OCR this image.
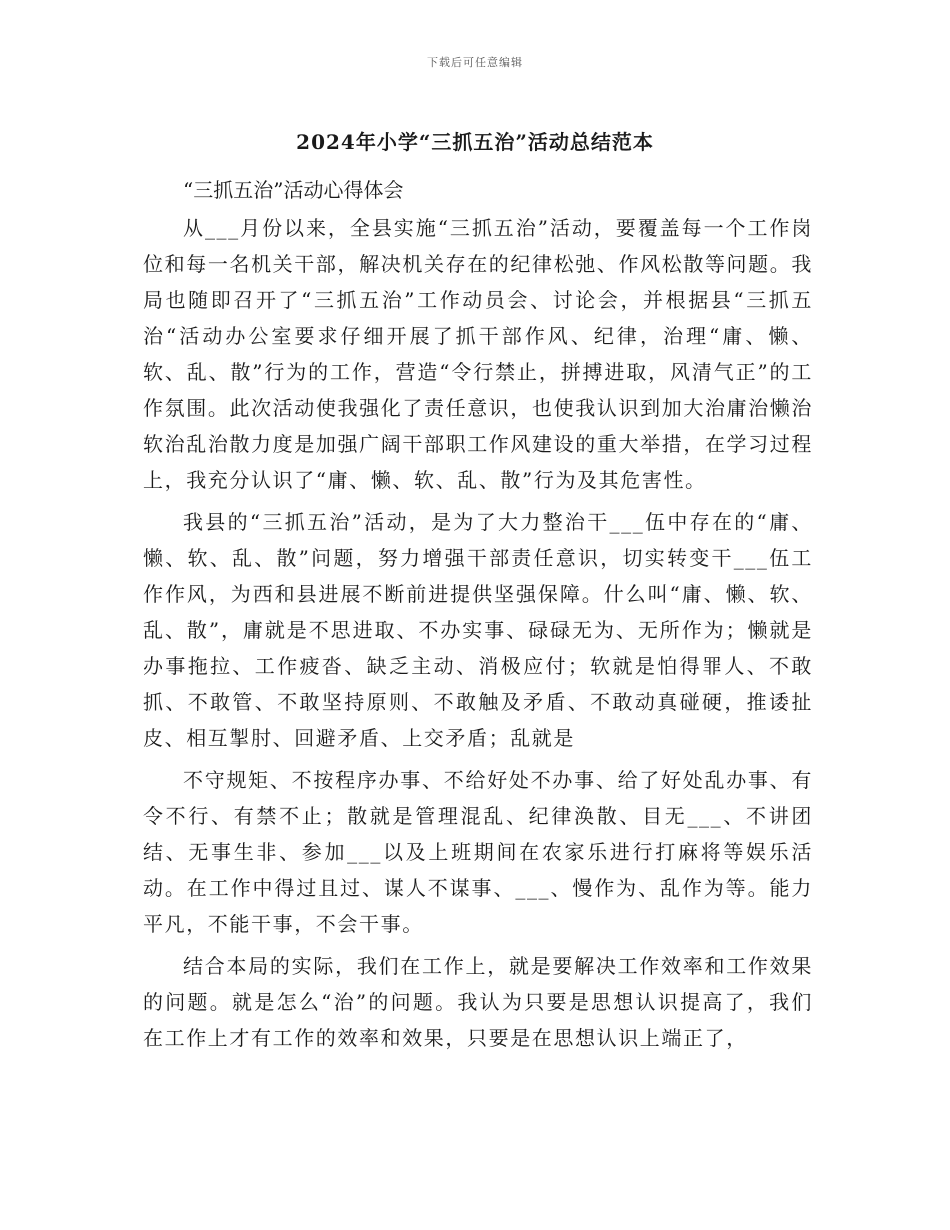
下载后可任意编辑
2024年小学“三抓五治”活动总结范本
“三抓五治”活动心得体会

从___月份以来，全县实施“三抓五治”活动，要覆盖每一个工作岗位和每一名机关干部，解决机关存在的纪律松弛、作风松散等问题。我局也随即召开了“三抓五治”工作动员会、讨论会，并根据县“三抓五治“活动办公室要求仔细开展了抓干部作风、纪律，治理“庸、懒、软、乱、散”行为的工作，营造“令行禁止，拼搏进取，风清气正”的工作氛围。此次活动使我强化了责任意识，也使我认识到加大治庸治懒治软治乱治散力度是加强广阔干部职工作风建设的重大举措，在学习过程上，我充分认识了“庸、懒、软、乱、散”行为及其危害性。

我县的“三抓五治”活动，是为了大力整治干___伍中存在的“庸、懒、软、乱、散”问题，努力增强干部责任意识，切实转变干___伍工作作风，为西和县进展不断前进提供坚强保障。什么叫“庸、懒、软、乱、散”，庸就是不思进取、不办实事、碌碌无为、无所作为；懒就是办事拖拉、工作疲沓、缺乏主动、消极应付；软就是怕得罪人、不敢抓、不敢管、不敢坚持原则、不敢触及矛盾、不敢动真碰硬，推诿扯皮、相互掣肘、回避矛盾、上交矛盾；乱就是

不守规矩、不按程序办事、不给好处不办事、给了好处乱办事、有令不行、有禁不止；散就是管理混乱、纪律涣散、目无___、不讲团结、无事生非、参加___以及上班期间在农家乐进行打麻将等娱乐活动。在工作中得过且过、谋人不谋事、___、慢作为、乱作为等。能力平凡，不能干事，不会干事。

结合本局的实际，我们在工作上，就是要解决工作效率和工作效果的问题。就是怎么“治”的问题。我认为只要是思想认识提高了，我们在工作上才有工作的效率和效果，只要是在思想认识上端正了，
